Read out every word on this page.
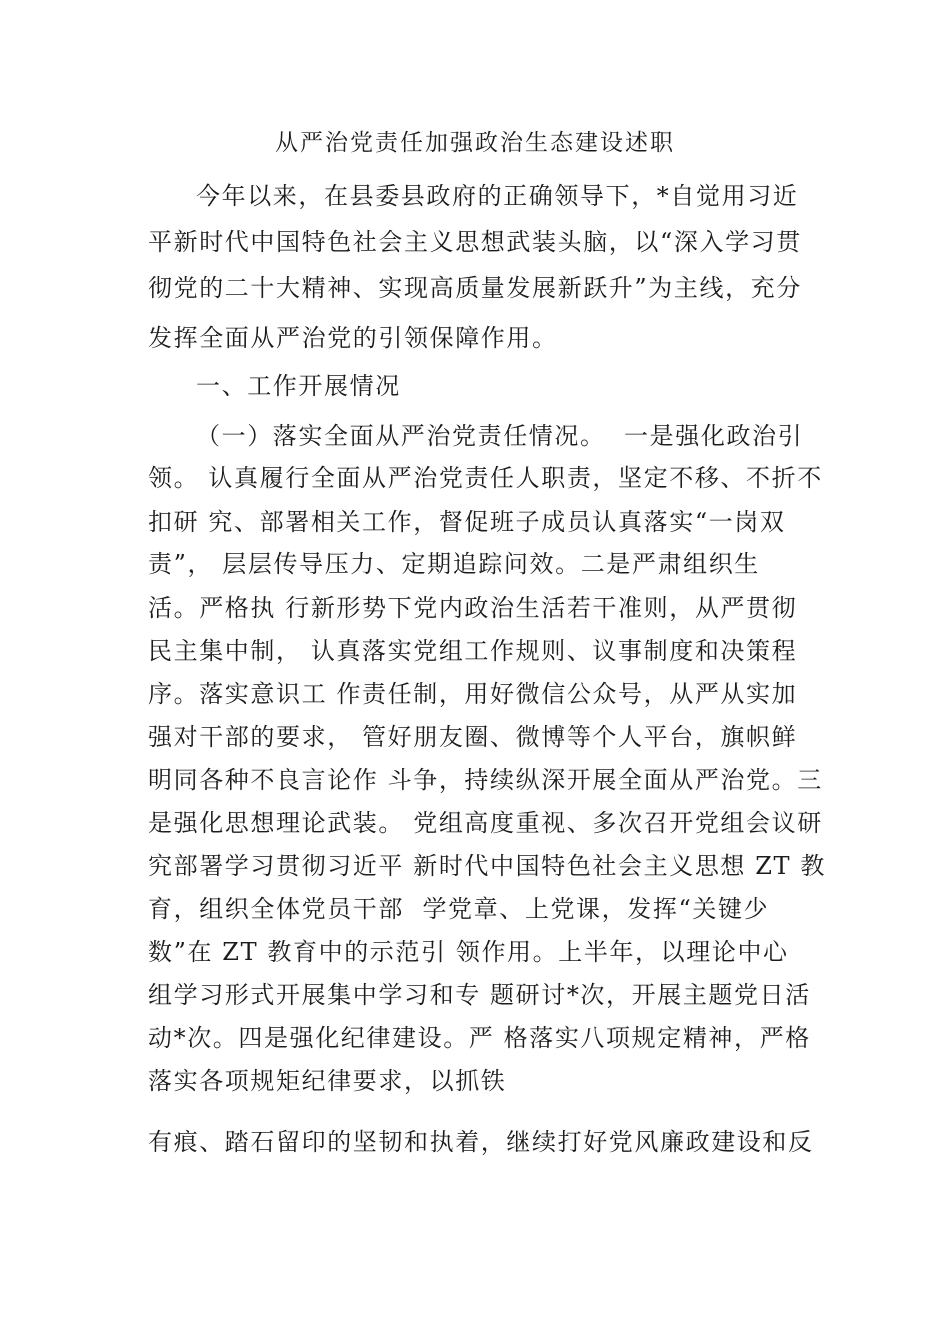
从严治党责任加强政治生态建设述职
今年以来，在县委县政府的正确领导下，*自觉用习近
平新时代中国特色社会主义思想武装头脑，以“深入学习贯
彻党的二十大精神、实现高质量发展新跃升”为主线，充分
发挥全面从严治党的引领保障作用。
一、工作开展情况
（一）落实全面从严治党责任情况。  一是强化政治引
领。 认真履行全面从严治党责任人职责，坚定不移、不折不
扣研 究、部署相关工作，督促班子成员认真落实“一岗双
责”， 层层传导压力、定期追踪问效。二是严肃组织生
活。严格执 行新形势下党内政治生活若干准则，从严贯彻
民主集中制， 认真落实党组工作规则、议事制度和决策程
序。落实意识工 作责任制，用好微信公众号，从严从实加
强对干部的要求， 管好朋友圈、微博等个人平台，旗帜鲜
明同各种不良言论作 斗争，持续纵深开展全面从严治党。三
是强化思想理论武装。 党组高度重视、多次召开党组会议研
究部署学习贯彻习近平 新时代中国特色社会主义思想 ZT 教
育，组织全体党员干部  学党章、上党课，发挥“关键少
数”在 ZT 教育中的示范引 领作用。上半年，以理论中心
组学习形式开展集中学习和专 题研讨*次，开展主题党日活
动*次。四是强化纪律建设。严 格落实八项规定精神，严格
落实各项规矩纪律要求，以抓铁
有痕、踏石留印的坚韧和执着，继续打好党风廉政建设和反
